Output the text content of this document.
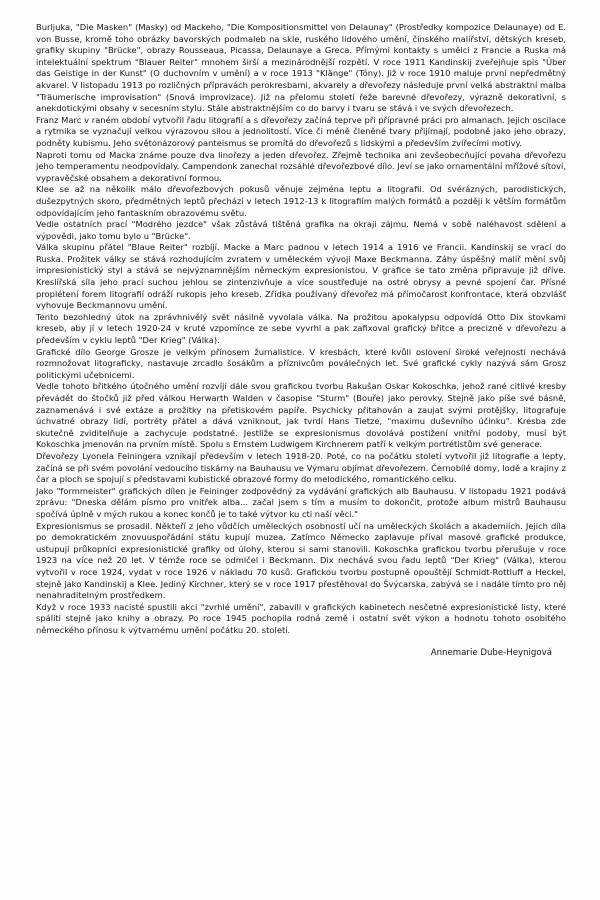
Burljuka, "Die Masken" (Masky) od Mackeho, "Die Kompositionsmittel von Delaunay" (Prostředky kompozice Delaunaye) od E. von Busse, kromě toho obrázky bavorských podmaleb na skle, ruského lidového umění, čínského malířství, dětských kreseb, grafiky skupiny "Brücke", obrazy Rousseaua, Picassa, Delaunaye a Greca. Přímými kontakty s umělci z Francie a Ruska má intelektuální spektrum "Blauer Reiter" mnohem širší a mezinárodnější rozpětí. V roce 1911 Kandinskij zveřejňuje spis "Über das Geistige in der Kunst" (O duchovním v umění) a v roce 1913 "Klänge" (Tóny). Již v roce 1910 maluje první nepředmětný akvarel. V listopadu 1913 po rozličných přípravách perokresbami, akvarely a dřevořezy následuje první velká abstraktní malba "Träumerische improvisation" (Snová improvizace). Již na přelomu století řeže barevné dřevořezy, výrazně dekorativní, s anekdotickými obsahy v secesním stylu. Stále abstraktnějším co do barvy i tvaru se stává i ve svých dřevořezech.

Franz Marc v raném období vytvořil řadu litografií a s dřevořezy začíná teprve při přípravné práci pro almanach. Jejich oscilace a rytmika se vyznačují velkou výrazovou silou a jednolitostí. Více či méně členěné tvary přijímají, podobně jako jeho obrazy, podněty kubismu. Jeho světonázorový panteismus se promítá do dřevořezů s lidskými a především zvířecími motivy.

Naproti tomu od Macka známe pouze dva linořezy a jeden dřevořez. Zřejmě technika ani zevšeobecňující povaha dřevořezu jeho temperamentu neodpovídaly. Campendonk zanechal rozsáhlé dřevořezbové dílo. Jeví se jako ornamentální mřížové sítoví, vypravěčské obsahem a dekorativní formou.

Klee se až na několik málo dřevořezbových pokusů věnuje zejména leptu a litografii. Od svérázných, parodistických, dušezpytných skoro, předmětných leptů přechází v letech 1912-13 k litografiím malých formátů a později k větším formátům odpovídajícím jeho fantaskním obrazovému světu.

Vedle ostatních prací "Modrého jezdce" však zůstává tištěná grafika na okraji zájmu. Nemá v sobě naléhavost sdělení a výpovědi, jako tomu bylo u "Brücke".

Válka skupinu přátel "Blaue Reiter" rozbíjí. Macke a Marc padnou v letech 1914 a 1916 ve Francii. Kandinskij se vrací do Ruska. Prožitek války se stává rozhodujícím zvratem v uměleckém vývoji Maxe Beckmanna. Záhy úspěšný malíř mění svůj impresionistický styl a stává se nejvýznamnějším německým expresionistou. V grafice se tato změna připravuje již dříve. Kreslířská síla jeho prací suchou jehlou se zintenzivňuje a více soustřeďuje na ostré obrysy a pevné spojení čar. Přísné proplétení forem litografií odráží rukopis jeho kreseb. Zřídka používaný dřevořez má přímočarost konfrontace, která obzvlášť vyhovuje Beckmannovu umění.

Tento bezohledný útok na zprávhnivělý svět násilně vyvolala válka. Na prožitou apokalypsu odpovídá Otto Dix stovkami kreseb, aby jí v letech 1920-24 v kruté vzpomínce ze sebe vyvrhl a pak zafixoval grafický břitce a precizně v dřevořezu a především v cyklu leptů "Der Krieg" (Válka).

Grafické dílo George Grosze je velkým přínosem žurnalistice. V kresbách, které kvůli oslovení široké veřejnosti nechává rozmnožovat litograficky, nastavuje zrcadlo šosákům a příznivcům poválečných let. Své grafické cykly nazývá sám Grosz politickými učebnicemi.

Vedle tohoto břitkého útočného umění rozvíjí dále svou grafickou tvorbu Rakušan Oskar Kokoschka, jehož rané citlivé kresby převádět do štočků již před válkou Herwarth Walden v časopise "Sturm" (Bouře) jako perovky. Stejně jako píše své básně, zaznamenává i své extáze a prožitky na přetiskovém papíře. Psychicky přitahován a zaujat svými protějšky, litografuje úchvatné obrazy lidí, portréty přátel a dává vzniknout, jak tvrdí Hans Tietze, "maximu duševního účinku". Kresba zde skutečně zviditelňuje a zachycuje podstatné. Jestliže se expresionismus dovolává postižení vnitřní podoby, musí být Kokoschka jmenován na prvním místě. Spolu s Ernstem Ludwigem Kirchnerem patří k velkým portrétistům své generace.

Dřevořezy Lyonela Feiningera vznikají především v letech 1918-20. Poté, co na počátku století vytvořil již litografie a lepty, začíná se při svém povolání vedoucího tiskárny na Bauhausu ve Výmaru objímat dřevořezem. Černobílé domy, lodě a krajiny z čar a ploch se spojují s představami kubistické obrazové formy do melodického, romantického celku.

Jako "formmeister" grafických dílen je Feininger zodpovědný za vydávání grafických alb Bauhausu. V listopadu 1921 podává zprávu: "Dneska dělám písmo pro vnitřek alba... začal jsem s tím a musím to dokončit, protože album mistrů Bauhausu spočívá úplně v mých rukou a konec končů je to také výtvor ku cti naší věci."

Expresionismus se prosadil. Někteří z jeho vůdčích uměleckých osobností učí na uměleckých školách a akademiích. Jejich díla po demokratickém znovuuspořádání státu kupují muzea. Zatímco Německo zaplavuje příval masové grafické produkce, ustupují průkopníci expresionistické grafiky od úlohy, kterou si sami stanovili. Kokoschka grafickou tvorbu přerušuje v roce 1923 na více než 20 let. V témže roce se odmlčel i Beckmann. Dix nechává svou řadu leptů "Der Krieg" (Válka), kterou vytvořil v roce 1924, vydat v roce 1926 v nákladu 70 kusů. Grafickou tvorbu postupně opouštějí Schmidt-Rottluff a Heckel, stejně jako Kandinskij a Klee. Jediný Kirchner, který se v roce 1917 přestěhoval do Švýcarska, zabývá se i nadále tímto pro něj nenahraditelným prostředkem.

Když v roce 1933 nacisté spustili akci "zvrhlé umění", zabavili v grafických kabinetech nesčetné expresionistické listy, které spáliti stejně jako knihy a obrazy. Po roce 1945 pochopila rodná země i ostatní svět výkon a hodnotu tohoto osobitého německého přínosu k výtvarnému umění počátku 20. století.

Annemarie Dube-Heynigová
